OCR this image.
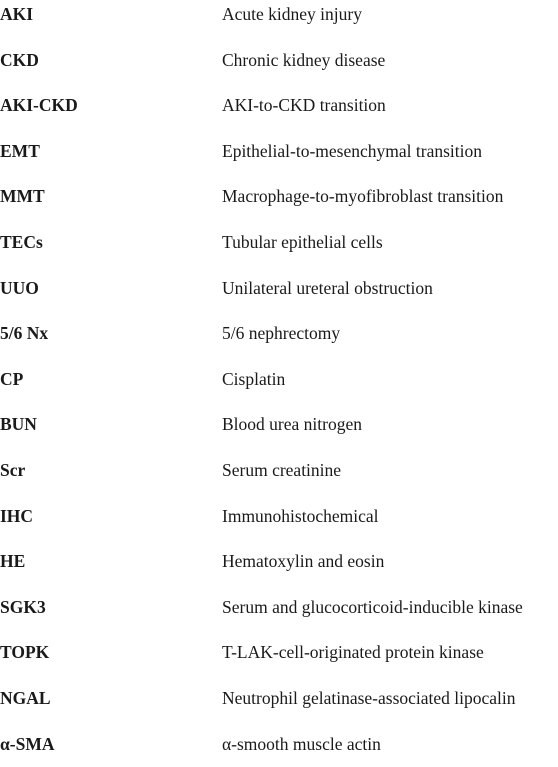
AKI	Acute kidney injury
CKD	Chronic kidney disease
AKI-CKD	AKI-to-CKD transition
EMT	Epithelial-to-mesenchymal transition
MMT	Macrophage-to-myofibroblast transition
TECs	Tubular epithelial cells
UUO	Unilateral ureteral obstruction
5/6 Nx	5/6 nephrectomy
CP	Cisplatin
BUN	Blood urea nitrogen
Scr	Serum creatinine
IHC	Immunohistochemical
HE	Hematoxylin and eosin
SGK3	Serum and glucocorticoid-inducible kinase
TOPK	T-LAK-cell-originated protein kinase
NGAL	Neutrophil gelatinase-associated lipocalin
α-SMA	α-smooth muscle actin
